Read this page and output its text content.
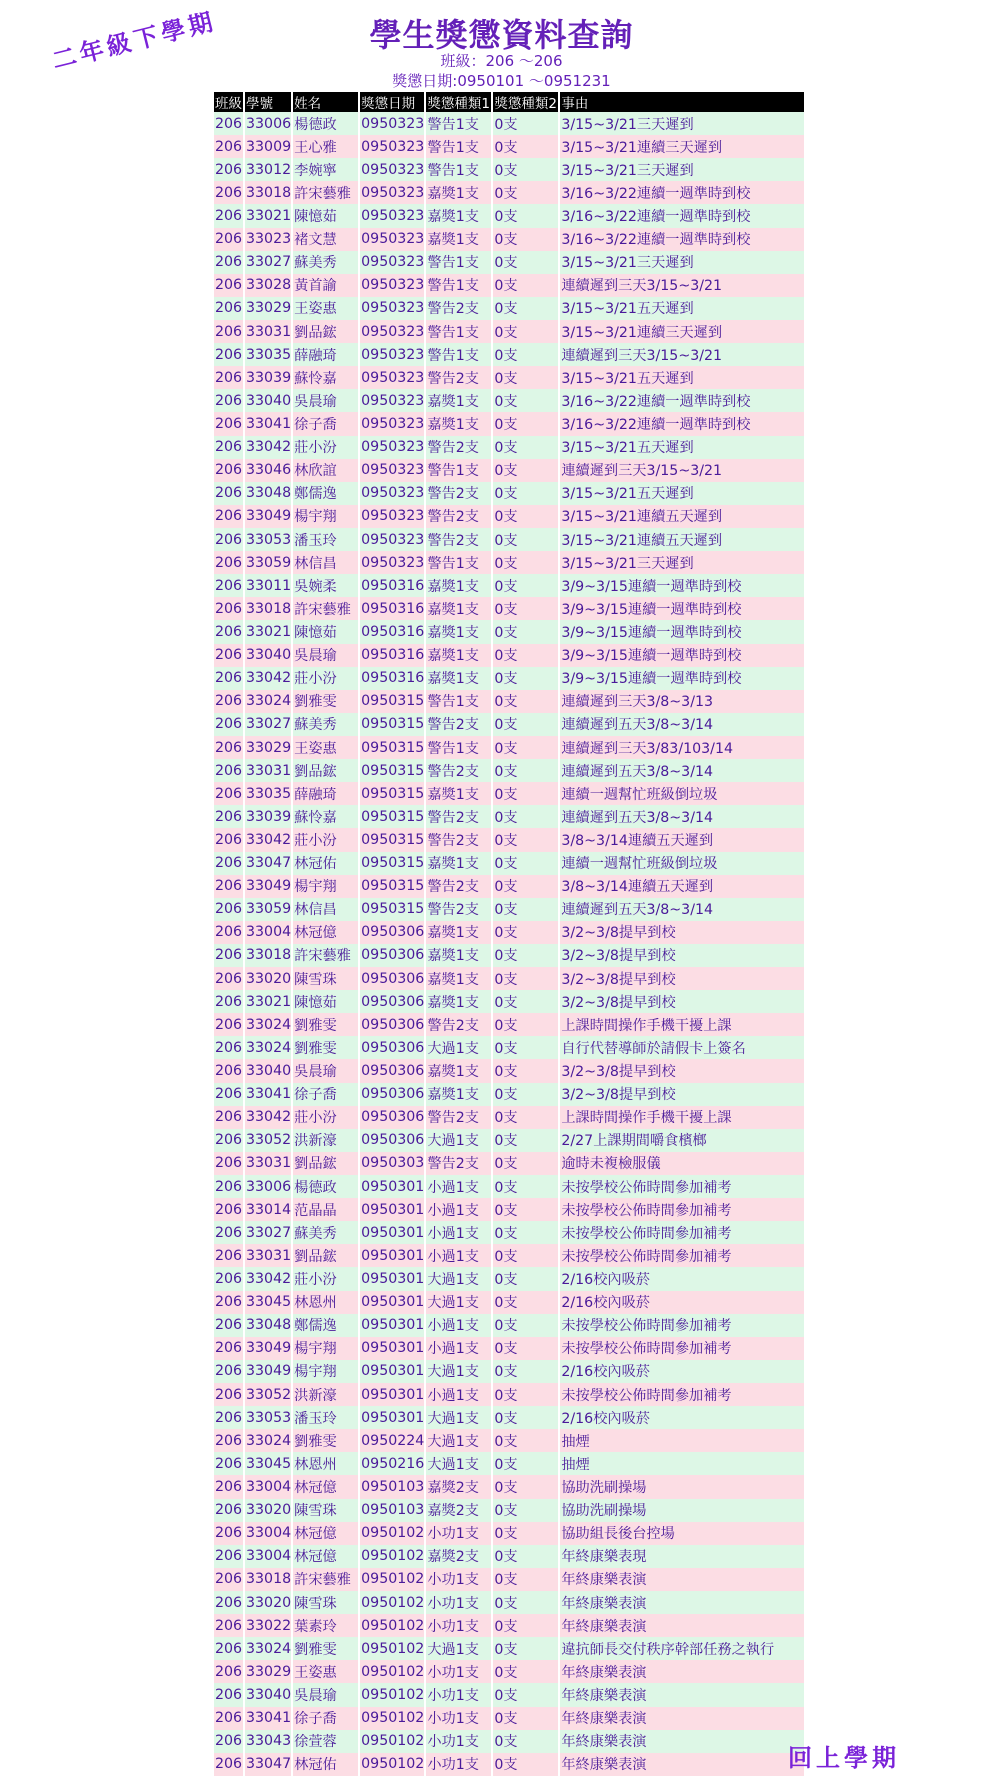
二年級下學期	學生獎懲資料查詢
班級：206 ～206
獎懲日期:0950101 ～0951231
班級	學號	姓名	獎懲日期	獎懲種類1	獎懲種類2	事由
206	33006	楊德政	0950323	警告1支	0支	3/15~3/21三天遲到
206	33009	王心雅	0950323	警告1支	0支	3/15~3/21連續三天遲到
206	33012	李婉寧	0950323	警告1支	0支	3/15~3/21三天遲到
206	33018	許宋藝雅	0950323	嘉獎1支	0支	3/16~3/22連續一週準時到校
206	33021	陳憶茹	0950323	嘉獎1支	0支	3/16~3/22連續一週準時到校
206	33023	褚文慧	0950323	嘉獎1支	0支	3/16~3/22連續一週準時到校
206	33027	蘇美秀	0950323	警告1支	0支	3/15~3/21三天遲到
206	33028	黃首諭	0950323	警告1支	0支	連續遲到三天3/15~3/21
206	33029	王姿惠	0950323	警告2支	0支	3/15~3/21五天遲到
206	33031	劉品鋐	0950323	警告1支	0支	3/15~3/21連續三天遲到
206	33035	薛融琦	0950323	警告1支	0支	連續遲到三天3/15~3/21
206	33039	蘇怜嘉	0950323	警告2支	0支	3/15~3/21五天遲到
206	33040	吳晨瑜	0950323	嘉獎1支	0支	3/16~3/22連續一週準時到校
206	33041	徐子喬	0950323	嘉獎1支	0支	3/16~3/22連續一週準時到校
206	33042	莊小汾	0950323	警告2支	0支	3/15~3/21五天遲到
206	33046	林欣誼	0950323	警告1支	0支	連續遲到三天3/15~3/21
206	33048	鄭儒逸	0950323	警告2支	0支	3/15~3/21五天遲到
206	33049	楊宇翔	0950323	警告2支	0支	3/15~3/21連續五天遲到
206	33053	潘玉玲	0950323	警告2支	0支	3/15~3/21連續五天遲到
206	33059	林信昌	0950323	警告1支	0支	3/15~3/21三天遲到
206	33011	吳婉柔	0950316	嘉獎1支	0支	3/9~3/15連續一週準時到校
206	33018	許宋藝雅	0950316	嘉獎1支	0支	3/9~3/15連續一週準時到校
206	33021	陳憶茹	0950316	嘉獎1支	0支	3/9~3/15連續一週準時到校
206	33040	吳晨瑜	0950316	嘉獎1支	0支	3/9~3/15連續一週準時到校
206	33042	莊小汾	0950316	嘉獎1支	0支	3/9~3/15連續一週準時到校
206	33024	劉雅雯	0950315	警告1支	0支	連續遲到三天3/8~3/13
206	33027	蘇美秀	0950315	警告2支	0支	連續遲到五天3/8~3/14
206	33029	王姿惠	0950315	警告1支	0支	連續遲到三天3/83/103/14
206	33031	劉品鋐	0950315	警告2支	0支	連續遲到五天3/8~3/14
206	33035	薛融琦	0950315	嘉獎1支	0支	連續一週幫忙班級倒垃圾
206	33039	蘇怜嘉	0950315	警告2支	0支	連續遲到五天3/8~3/14
206	33042	莊小汾	0950315	警告2支	0支	3/8~3/14連續五天遲到
206	33047	林冠佑	0950315	嘉獎1支	0支	連續一週幫忙班級倒垃圾
206	33049	楊宇翔	0950315	警告2支	0支	3/8~3/14連續五天遲到
206	33059	林信昌	0950315	警告2支	0支	連續遲到五天3/8~3/14
206	33004	林冠億	0950306	嘉獎1支	0支	3/2~3/8提早到校
206	33018	許宋藝雅	0950306	嘉獎1支	0支	3/2~3/8提早到校
206	33020	陳雪珠	0950306	嘉獎1支	0支	3/2~3/8提早到校
206	33021	陳憶茹	0950306	嘉獎1支	0支	3/2~3/8提早到校
206	33024	劉雅雯	0950306	警告2支	0支	上課時間操作手機干擾上課
206	33024	劉雅雯	0950306	大過1支	0支	自行代替導師於請假卡上簽名
206	33040	吳晨瑜	0950306	嘉獎1支	0支	3/2~3/8提早到校
206	33041	徐子喬	0950306	嘉獎1支	0支	3/2~3/8提早到校
206	33042	莊小汾	0950306	警告2支	0支	上課時間操作手機干擾上課
206	33052	洪新濠	0950306	大過1支	0支	2/27上課期間嚼食檳榔
206	33031	劉品鋐	0950303	警告2支	0支	逾時未複檢服儀
206	33006	楊德政	0950301	小過1支	0支	未按學校公佈時間參加補考
206	33014	范晶晶	0950301	小過1支	0支	未按學校公佈時間參加補考
206	33027	蘇美秀	0950301	小過1支	0支	未按學校公佈時間參加補考
206	33031	劉品鋐	0950301	小過1支	0支	未按學校公佈時間參加補考
206	33042	莊小汾	0950301	大過1支	0支	2/16校內吸菸
206	33045	林恩州	0950301	大過1支	0支	2/16校內吸菸
206	33048	鄭儒逸	0950301	小過1支	0支	未按學校公佈時間參加補考
206	33049	楊宇翔	0950301	小過1支	0支	未按學校公佈時間參加補考
206	33049	楊宇翔	0950301	大過1支	0支	2/16校內吸菸
206	33052	洪新濠	0950301	小過1支	0支	未按學校公佈時間參加補考
206	33053	潘玉玲	0950301	大過1支	0支	2/16校內吸菸
206	33024	劉雅雯	0950224	大過1支	0支	抽煙
206	33045	林恩州	0950216	大過1支	0支	抽煙
206	33004	林冠億	0950103	嘉獎2支	0支	協助洗刷操場
206	33020	陳雪珠	0950103	嘉獎2支	0支	協助洗刷操場
206	33004	林冠億	0950102	小功1支	0支	協助組長後台控場
206	33004	林冠億	0950102	嘉獎2支	0支	年終康樂表現
206	33018	許宋藝雅	0950102	小功1支	0支	年終康樂表演
206	33020	陳雪珠	0950102	小功1支	0支	年終康樂表演
206	33022	葉素玲	0950102	小功1支	0支	年終康樂表演
206	33024	劉雅雯	0950102	大過1支	0支	違抗師長交付秩序幹部任務之執行
206	33029	王姿惠	0950102	小功1支	0支	年終康樂表演
206	33040	吳晨瑜	0950102	小功1支	0支	年終康樂表演
206	33041	徐子喬	0950102	小功1支	0支	年終康樂表演
206	33043	徐萱蓉	0950102	小功1支	0支	年終康樂表演
206	33047	林冠佑	0950102	小功1支	0支	年終康樂表演	回上學期
